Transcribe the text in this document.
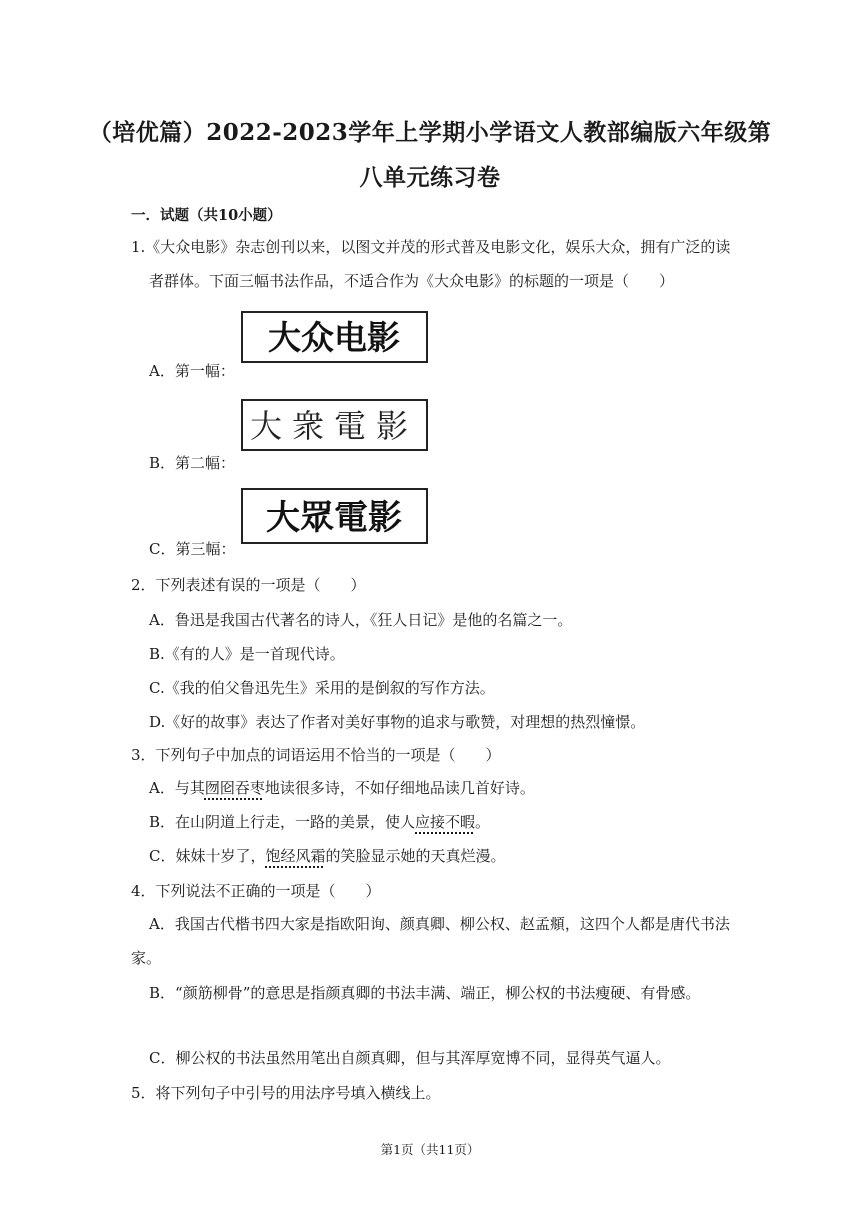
（培优篇）2022-2023学年上学期小学语文人教部编版六年级第
八单元练习卷
一．试题（共10小题）
1.《大众电影》杂志创刊以来，以图文并茂的形式普及电影文化，娱乐大众，拥有广泛的读
者群体。下面三幅书法作品，不适合作为《大众电影》的标题的一项是（　　）
大众电影
A．第一幅：
大衆電影
B．第二幅：
大眾電影
C．第三幅：
2．下列表述有误的一项是（　　）
A．鲁迅是我国古代著名的诗人，《狂人日记》是他的名篇之一。
B.《有的人》是一首现代诗。
C.《我的伯父鲁迅先生》采用的是倒叙的写作方法。
D.《好的故事》表达了作者对美好事物的追求与歌赞，对理想的热烈憧憬。
3．下列句子中加点的词语运用不恰当的一项是（　　）
A．与其囫囵吞枣地读很多诗，不如仔细地品读几首好诗。
B．在山阴道上行走，一路的美景，使人应接不暇。
C．妹妹十岁了，饱经风霜的笑脸显示她的天真烂漫。
4．下列说法不正确的一项是（　　）
A．我国古代楷书四大家是指欧阳询、颜真卿、柳公权、赵孟頫，这四个人都是唐代书法
家。
B．“颜筋柳骨”的意思是指颜真卿的书法丰满、端正，柳公权的书法瘦硬、有骨感。
C．柳公权的书法虽然用笔出自颜真卿，但与其浑厚宽博不同，显得英气逼人。
5．将下列句子中引号的用法序号填入横线上。
第1页（共11页）
